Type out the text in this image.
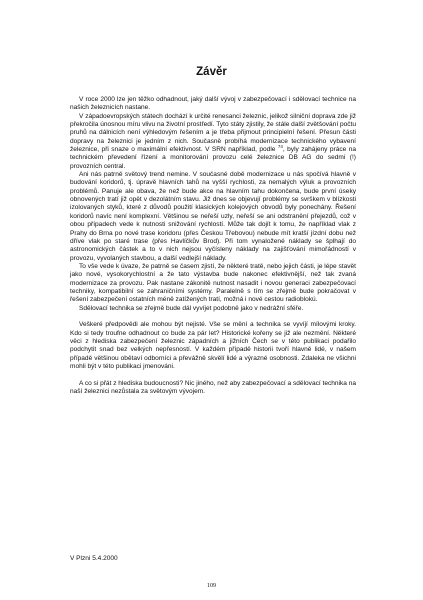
Závěr

V roce 2000 lze jen těžko odhadnout, jaký další vývoj v zabezpečovací i sdělovací technice na našich železnicích nastane.

V západoevropských státech dochází k určité renesanci železnic, jelikož silniční doprava zde již překročila únosnou míru vlivu na životní prostředí. Tyto státy zjistily, že stále další zvětšování počtu pruhů na dálnicích není výhledovým řešením a je třeba přijmout principielní řešení. Přesun části dopravy na železnici je jedním z nich. Současně probíhá modernizace technického vybavení železnice, při snaze o maximální efektivnost. V SRN například, podle $^{74}$, byly zahájeny práce na technickém převedení řízení a monitorování provozu celé železnice DB AG do sedmi (!) provozních central.

Ani nás patrně světový trend nemine. V současné době modernizace u nás spočívá hlavně v budování koridorů, tj. úpravě hlavních tahů na vyšší rychlosti, za nemalých výluk a provozních problémů. Panuje ale obava, že než bude akce na hlavním tahu dokončena, bude první úseky obnovených tratí již opět v dezolátním stavu. Již dnes se objevují problémy se svrškem v blízkosti izolovaných styků, které z důvodů použití klasických kolejových obvodů byly ponechány. Řešení koridorů navíc není komplexní. Většinou se neřeší uzly, neřeší se ani odstranění přejezdů, což v obou případech vede k nutnosti snižování rychlostí. Může tak dojít k tomu, že například vlak z Prahy do Brna po nové trase koridoru (přes Českou Třebovou) nebude mít kratší jízdní dobu než dříve vlak po staré trase (přes Havlíčkův Brod). Při tom vynaložené náklady se šplhají do astronomických částek a to v nich nejsou vyčísleny náklady na zajišťování mimořádností v provozu, vyvolaných stavbou, a další vedlejší náklady.

To vše vede k úvaze, že patrně se časem zjistí, že některé tratě, nebo jejich části, je lépe stavět jako nové, vysokorychlostní a že tato výstavba bude nakonec efektivnější, než tak zvaná modernizace za provozu. Pak nastane zákonitě nutnost nasadit i novou generaci zabezpečovací techniky, kompatibilní se zahraničními systémy. Paralelně s tím se zřejmě bude pokračovat v řešení zabezpečení ostatních méně zatížených tratí, možná i nové cestou radioblokú.

Sdělovací technika se zřejmě bude dál vyvíjet podobně jako v nedrážní sféře.

Veškeré předpovědi ale mohou být nejisté. Vše se mění a technika se vyvíjí mílovými kroky. Kdo si tedy troufne odhadnout co bude za pár let? Historické kořeny se již ale nezmění. Některé věci z hlediska zabezpečení železnic západních a jižních Čech se v této publikaci podařilo podchytit snad bez velkých nepřesností. V každém případě historii tvoří hlavně lidé, v našem případě většinou obětaví odborníci a převážně skvělí lidé a výrazné osobnosti. Zdaleka ne všichni mohli být v této publikaci jmenováni.

A co si přát z hlediska budoucnosti? Nic jiného, než aby zabezpečovací a sdělovací technika na naší železnici nezůstala za světovým vývojem.

V Plzni 5.4.2000
109
